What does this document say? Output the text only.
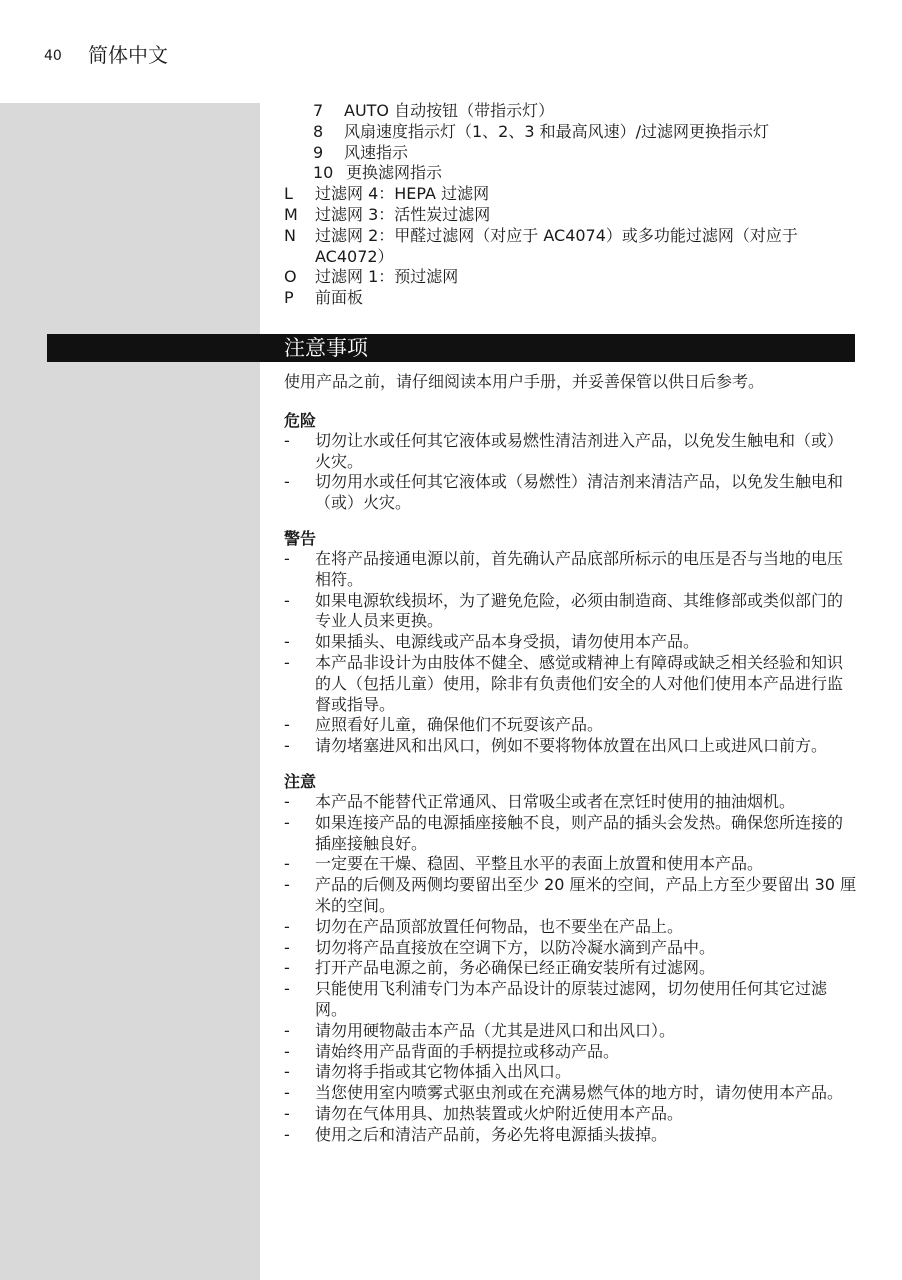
40 简体中文
7	AUTO 自动按钮（带指示灯）
8	风扇速度指示灯（1、2、3 和最高风速）/过滤网更换指示灯
9	风速指示
10 更换滤网指示
L	过滤网 4：HEPA 过滤网
M	过滤网 3：活性炭过滤网
N	过滤网 2：甲醛过滤网（对应于 AC4074）或多功能过滤网（对应于 AC4072）
O	过滤网 1：预过滤网
P	前面板
注意事项

使用产品之前，请仔细阅读本用户手册，并妥善保管以供日后参考。

危险

- 切勿让水或任何其它液体或易燃性清洁剂进入产品，以免发生触电和（或）火灾。
- 切勿用水或任何其它液体或（易燃性）清洁剂来清洁产品，以免发生触电和（或）火灾。

警告

- 在将产品接通电源以前，首先确认产品底部所标示的电压是否与当地的电压相符。
- 如果电源软线损坏，为了避免危险，必须由制造商、其维修部或类似部门的专业人员来更换。
- 如果插头、电源线或产品本身受损，请勿使用本产品。
- 本产品非设计为由肢体不健全、感觉或精神上有障碍或缺乏相关经验和知识的人（包括儿童）使用，除非有负责他们安全的人对他们使用本产品进行监督或指导。
- 应照看好儿童，确保他们不玩耍该产品。
- 请勿堵塞进风和出风口，例如不要将物体放置在出风口上或进风口前方。

注意

- 本产品不能替代正常通风、日常吸尘或者在烹饪时使用的抽油烟机。
- 如果连接产品的电源插座接触不良，则产品的插头会发热。确保您所连接的插座接触良好。
- 一定要在干燥、稳固、平整且水平的表面上放置和使用本产品。
- 产品的后侧及两侧均要留出至少 20 厘米的空间，产品上方至少要留出 30 厘米的空间。
- 切勿在产品顶部放置任何物品，也不要坐在产品上。
- 切勿将产品直接放在空调下方，以防冷凝水滴到产品中。
- 打开产品电源之前，务必确保已经正确安装所有过滤网。
- 只能使用飞利浦专门为本产品设计的原装过滤网，切勿使用任何其它过滤网。
- 请勿用硬物敲击本产品（尤其是进风口和出风口）。
- 请始终用产品背面的手柄提拉或移动产品。
- 请勿将手指或其它物体插入出风口。
- 当您使用室内喷雾式驱虫剂或在充满易燃气体的地方时，请勿使用本产品。
- 请勿在气体用具、加热装置或火炉附近使用本产品。
- 使用之后和清洁产品前，务必先将电源插头拔掉。
